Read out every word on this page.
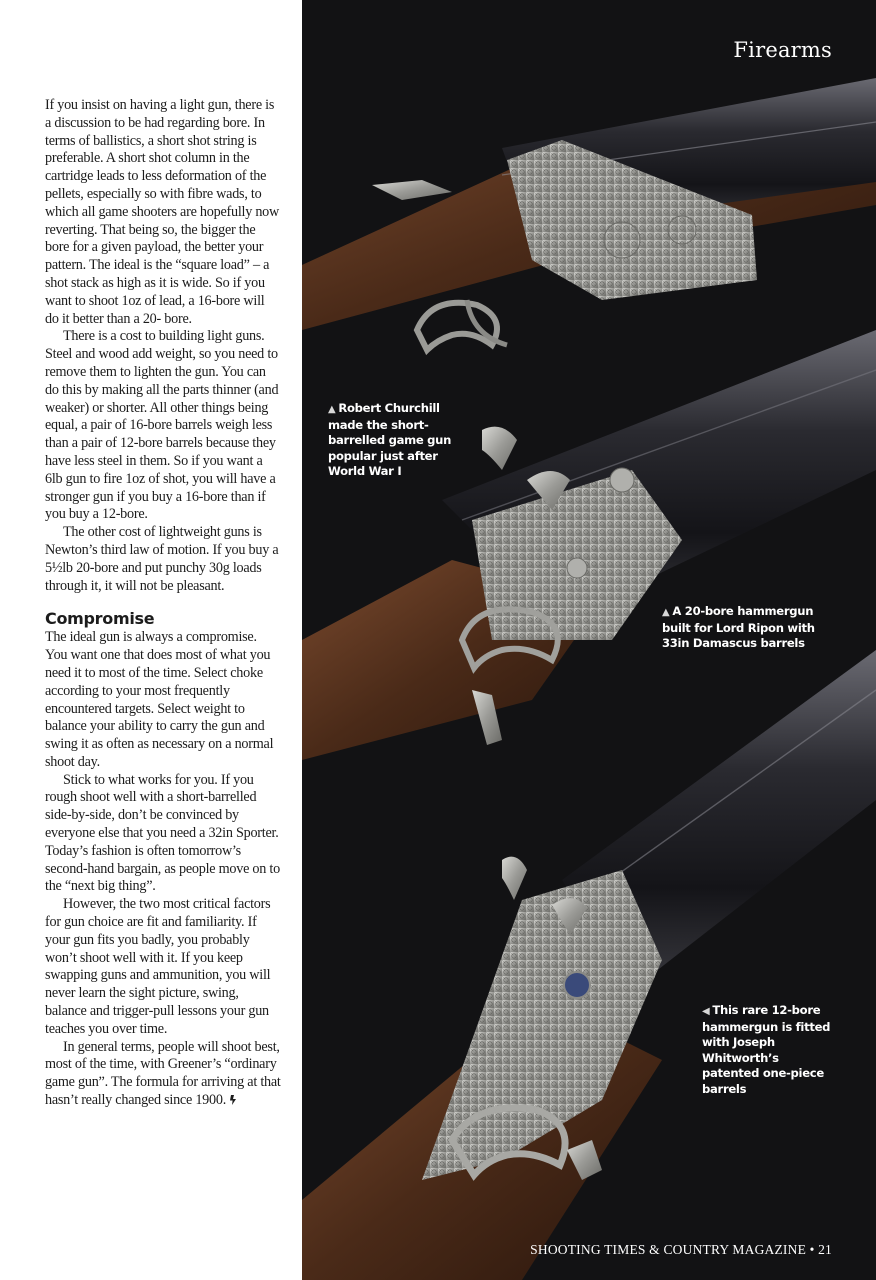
If you insist on having a light gun, there is a discussion to be had regarding bore. In terms of ballistics, a short shot string is preferable. A short shot column in the cartridge leads to less deformation of the pellets, especially so with fibre wads, to which all game shooters are hopefully now reverting. That being so, the bigger the bore for a given payload, the better your pattern. The ideal is the “square load” – a shot stack as high as it is wide. So if you want to shoot 1oz of lead, a 16-bore will do it better than a 20- bore.

There is a cost to building light guns. Steel and wood add weight, so you need to remove them to lighten the gun. You can do this by making all the parts thinner (and weaker) or shorter. All other things being equal, a pair of 16-bore barrels weigh less than a pair of 12-bore barrels because they have less steel in them. So if you want a 6lb gun to fire 1oz of shot, you will have a stronger gun if you buy a 16-bore than if you buy a 12-bore.

The other cost of lightweight guns is Newton’s third law of motion. If you buy a 5½lb 20-bore and put punchy 30g loads through it, it will not be pleasant.

Compromise

The ideal gun is always a compromise. You want one that does most of what you need it to most of the time. Select choke according to your most frequently encountered targets. Select weight to balance your ability to carry the gun and swing it as often as necessary on a normal shoot day.

Stick to what works for you. If you rough shoot well with a short-barrelled side-by-side, don’t be convinced by everyone else that you need a 32in Sporter. Today’s fashion is often tomorrow’s second-hand bargain, as people move on to the “next big thing”.

However, the two most critical factors for gun choice are fit and familiarity. If your gun fits you badly, you probably won’t shoot well with it. If you keep swapping guns and ammunition, you will never learn the sight picture, swing, balance and trigger-pull lessons your gun teaches you over time.

In general terms, people will shoot best, most of the time, with Greener’s “ordinary game gun”. The formula for arriving at that hasn’t really changed since 1900.

Firearms
▲ Robert Churchill made the short-barrelled game gun popular just after World War I
▲ A 20-bore hammergun built for Lord Ripon with 33in Damascus barrels
◀ This rare 12-bore hammergun is fitted with Joseph Whitworth’s patented one-piece barrels
SHOOTING TIMES & COUNTRY MAGAZINE • 21
